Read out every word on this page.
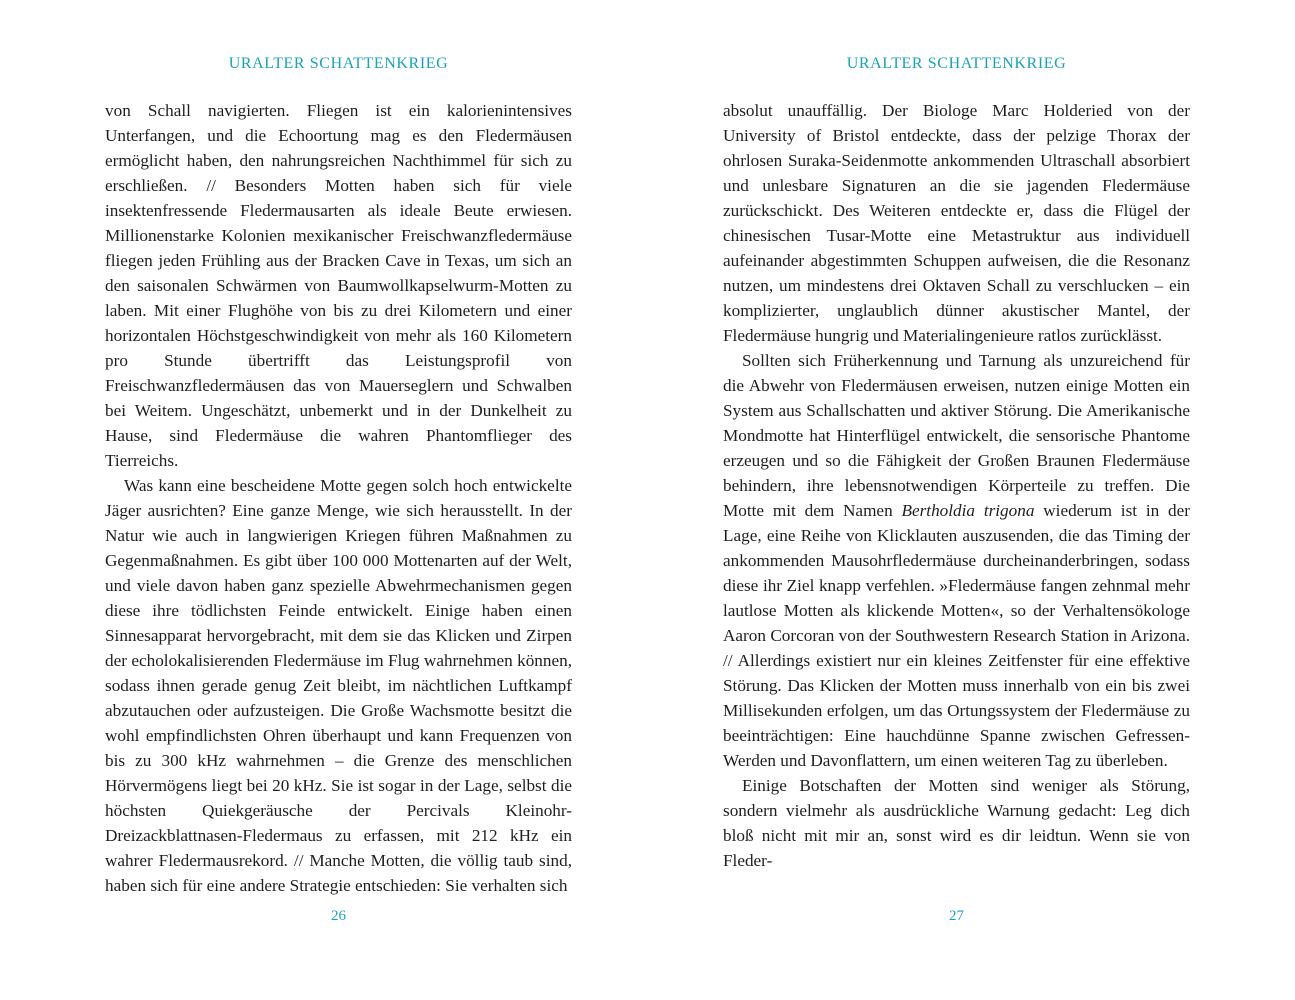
URALTER SCHATTENKRIEG

von Schall navigierten. Fliegen ist ein kalorienintensives Unterfangen, und die Echoortung mag es den Fledermäusen ermöglicht haben, den nahrungsreichen Nachthimmel für sich zu erschließen. // Besonders Motten haben sich für viele insektenfressende Fledermausarten als ideale Beute erwiesen. Millionenstarke Kolonien mexikanischer Freischwanzfledermäuse fliegen jeden Frühling aus der Bracken Cave in Texas, um sich an den saisonalen Schwärmen von Baumwollkapselwurm-Motten zu laben. Mit einer Flughöhe von bis zu drei Kilometern und einer horizontalen Höchstgeschwindigkeit von mehr als 160 Kilometern pro Stunde übertrifft das Leistungsprofil von Freischwanzfledermäusen das von Mauerseglern und Schwalben bei Weitem. Ungeschätzt, unbemerkt und in der Dunkelheit zu Hause, sind Fledermäuse die wahren Phantomflieger des Tierreichs.

Was kann eine bescheidene Motte gegen solch hoch entwickelte Jäger ausrichten? Eine ganze Menge, wie sich herausstellt. In der Natur wie auch in langwierigen Kriegen führen Maßnahmen zu Gegenmaßnahmen. Es gibt über 100 000 Mottenarten auf der Welt, und viele davon haben ganz spezielle Abwehrmechanismen gegen diese ihre tödlichsten Feinde entwickelt. Einige haben einen Sinnesapparat hervorgebracht, mit dem sie das Klicken und Zirpen der echolokalisierenden Fledermäuse im Flug wahrnehmen können, sodass ihnen gerade genug Zeit bleibt, im nächtlichen Luftkampf abzutauchen oder aufzusteigen. Die Große Wachsmotte besitzt die wohl empfindlichsten Ohren überhaupt und kann Frequenzen von bis zu 300 kHz wahrnehmen – die Grenze des menschlichen Hörvermögens liegt bei 20 kHz. Sie ist sogar in der Lage, selbst die höchsten Quiekgeräusche der Percivals Kleinohr-Dreizackblattnasen-Fledermaus zu erfassen, mit 212 kHz ein wahrer Fledermausrekord. // Manche Motten, die völlig taub sind, haben sich für eine andere Strategie entschieden: Sie verhalten sich

26
URALTER SCHATTENKRIEG

absolut unauffällig. Der Biologe Marc Holderied von der University of Bristol entdeckte, dass der pelzige Thorax der ohrlosen Suraka-Seidenmotte ankommenden Ultraschall absorbiert und unlesbare Signaturen an die sie jagenden Fledermäuse zurückschickt. Des Weiteren entdeckte er, dass die Flügel der chinesischen Tusar-Motte eine Metastruktur aus individuell aufeinander abgestimmten Schuppen aufweisen, die die Resonanz nutzen, um mindestens drei Oktaven Schall zu verschlucken – ein komplizierter, unglaublich dünner akustischer Mantel, der Fledermäuse hungrig und Materialingenieure ratlos zurücklässt.

Sollten sich Früherkennung und Tarnung als unzureichend für die Abwehr von Fledermäusen erweisen, nutzen einige Motten ein System aus Schallschatten und aktiver Störung. Die Amerikanische Mondmotte hat Hinterflügel entwickelt, die sensorische Phantome erzeugen und so die Fähigkeit der Großen Braunen Fledermäuse behindern, ihre lebensnotwendigen Körperteile zu treffen. Die Motte mit dem Namen Bertholdia trigona wiederum ist in der Lage, eine Reihe von Klicklauten auszusenden, die das Timing der ankommenden Mausohrfledermäuse durcheinanderbringen, sodass diese ihr Ziel knapp verfehlen. »Fledermäuse fangen zehnmal mehr lautlose Motten als klickende Motten«, so der Verhaltensökologe Aaron Corcoran von der Southwestern Research Station in Arizona. // Allerdings existiert nur ein kleines Zeitfenster für eine effektive Störung. Das Klicken der Motten muss innerhalb von ein bis zwei Millisekunden erfolgen, um das Ortungssystem der Fledermäuse zu beeinträchtigen: Eine hauchdünne Spanne zwischen Gefressen-Werden und Davonflattern, um einen weiteren Tag zu überleben.

Einige Botschaften der Motten sind weniger als Störung, sondern vielmehr als ausdrückliche Warnung gedacht: Leg dich bloß nicht mit mir an, sonst wird es dir leidtun. Wenn sie von Fleder-

27
